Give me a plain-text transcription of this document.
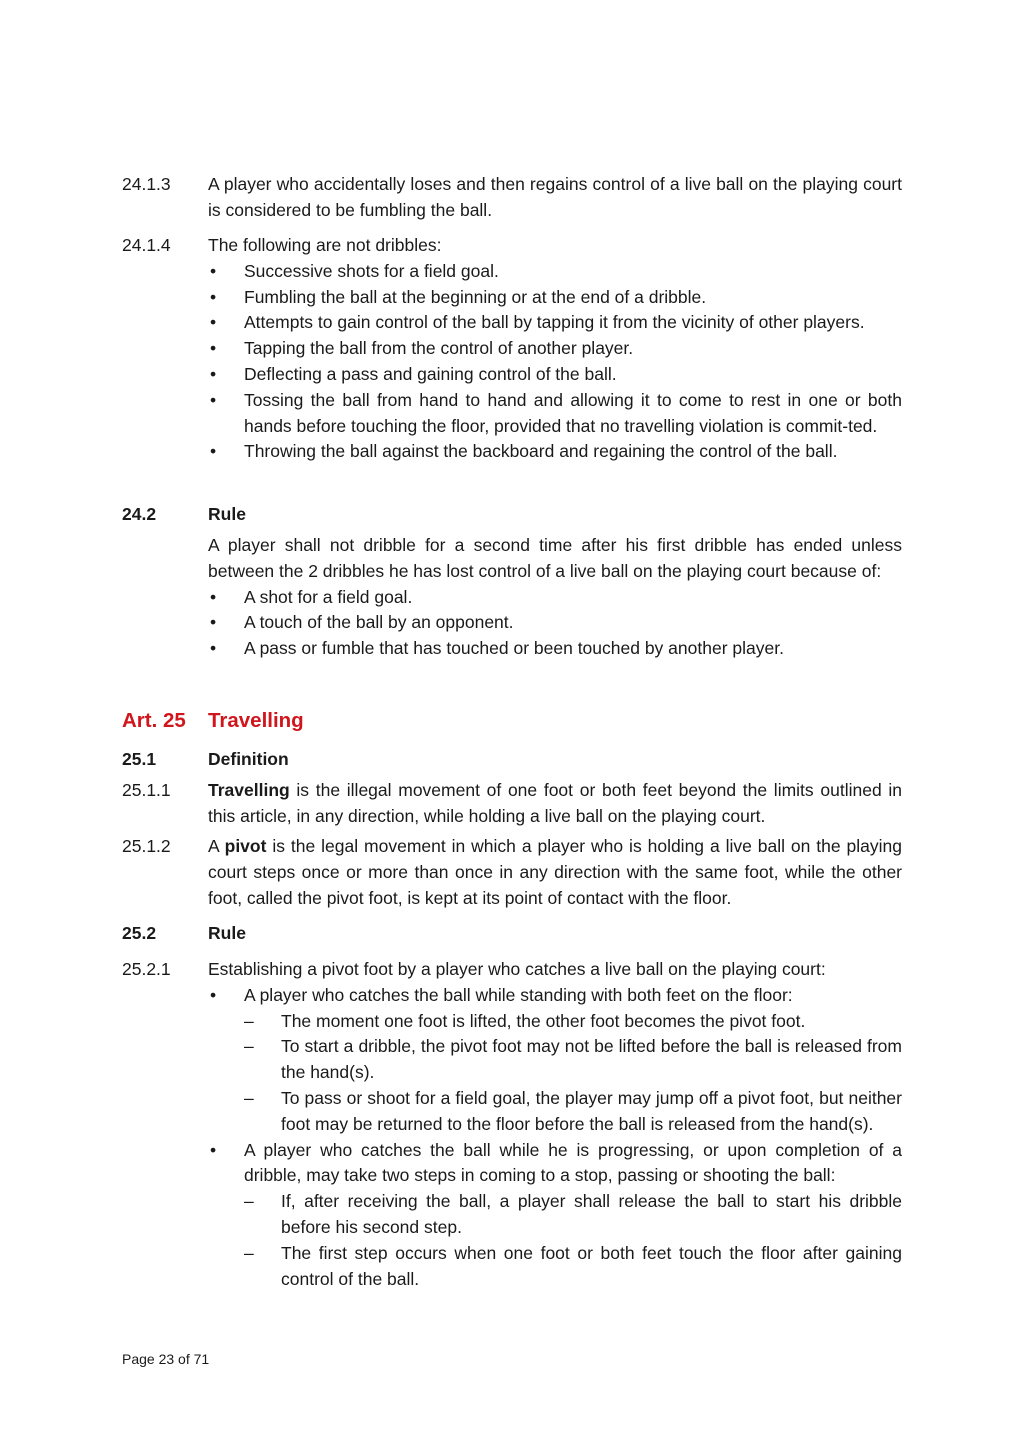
24.1.3	A player who accidentally loses and then regains control of a live ball on the playing court is considered to be fumbling the ball.
24.1.4	The following are not dribbles:
•	Successive shots for a field goal.
•	Fumbling the ball at the beginning or at the end of a dribble.
•	Attempts to gain control of the ball by tapping it from the vicinity of other players.
•	Tapping the ball from the control of another player.
•	Deflecting a pass and gaining control of the ball.
•	Tossing the ball from hand to hand and allowing it to come to rest in one or both hands before touching the floor, provided that no travelling violation is commit-ted.
•	Throwing the ball against the backboard and regaining the control of the ball.
24.2	Rule
A player shall not dribble for a second time after his first dribble has ended unless between the 2 dribbles he has lost control of a live ball on the playing court because of:
•	A shot for a field goal.
•	A touch of the ball by an opponent.
•	A pass or fumble that has touched or been touched by another player.
Art. 25	Travelling
25.1	Definition
25.1.1	Travelling is the illegal movement of one foot or both feet beyond the limits outlined in this article, in any direction, while holding a live ball on the playing court.
25.1.2	A pivot is the legal movement in which a player who is holding a live ball on the playing court steps once or more than once in any direction with the same foot, while the other foot, called the pivot foot, is kept at its point of contact with the floor.
25.2	Rule
25.2.1	Establishing a pivot foot by a player who catches a live ball on the playing court:
•	A player who catches the ball while standing with both feet on the floor:
– The moment one foot is lifted, the other foot becomes the pivot foot.
– To start a dribble, the pivot foot may not be lifted before the ball is released from the hand(s).
– To pass or shoot for a field goal, the player may jump off a pivot foot, but neither foot may be returned to the floor before the ball is released from the hand(s).
•	A player who catches the ball while he is progressing, or upon completion of a dribble, may take two steps in coming to a stop, passing or shooting the ball:
– If, after receiving the ball, a player shall release the ball to start his dribble before his second step.
– The first step occurs when one foot or both feet touch the floor after gaining control of the ball.
Page 23 of 71
